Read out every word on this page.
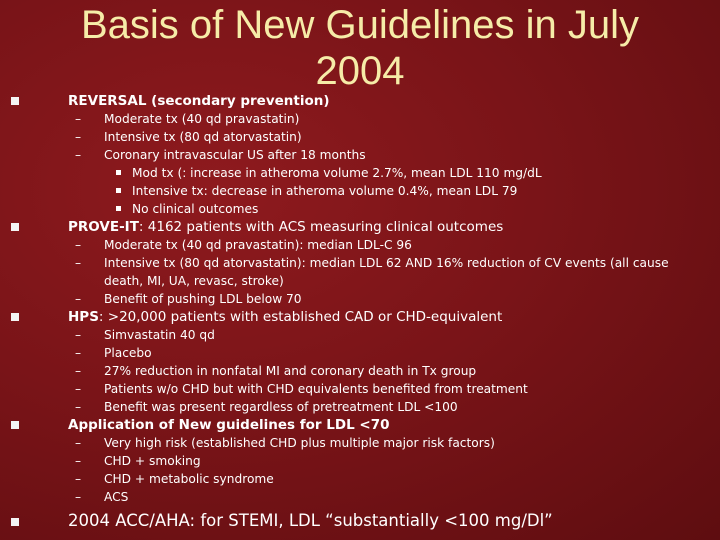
Basis of New Guidelines in July 2004
REVERSAL (secondary prevention)
– Moderate tx (40 qd pravastatin)
– Intensive tx (80 qd atorvastatin)
– Coronary intravascular US after 18 months
Mod tx (: increase in atheroma volume 2.7%, mean LDL 110 mg/dL
Intensive tx: decrease in atheroma volume 0.4%, mean LDL 79
No clinical outcomes
PROVE-IT: 4162 patients with ACS measuring clinical outcomes
– Moderate tx (40 qd pravastatin): median LDL-C 96
– Intensive tx (80 qd atorvastatin): median LDL 62 AND 16% reduction of CV events (all cause death, MI, UA, revasc, stroke)
– Benefit of pushing LDL below 70
HPS: >20,000 patients with established CAD or CHD-equivalent
– Simvastatin 40 qd
– Placebo
– 27% reduction in nonfatal MI and coronary death in Tx group
– Patients w/o CHD but with CHD equivalents benefited from treatment
– Benefit was present regardless of pretreatment LDL <100
Application of New guidelines for LDL <70
– Very high risk (established CHD plus multiple major risk factors)
– CHD + smoking
– CHD + metabolic syndrome
– ACS
2004 ACC/AHA: for STEMI, LDL “substantially <100 mg/Dl”
